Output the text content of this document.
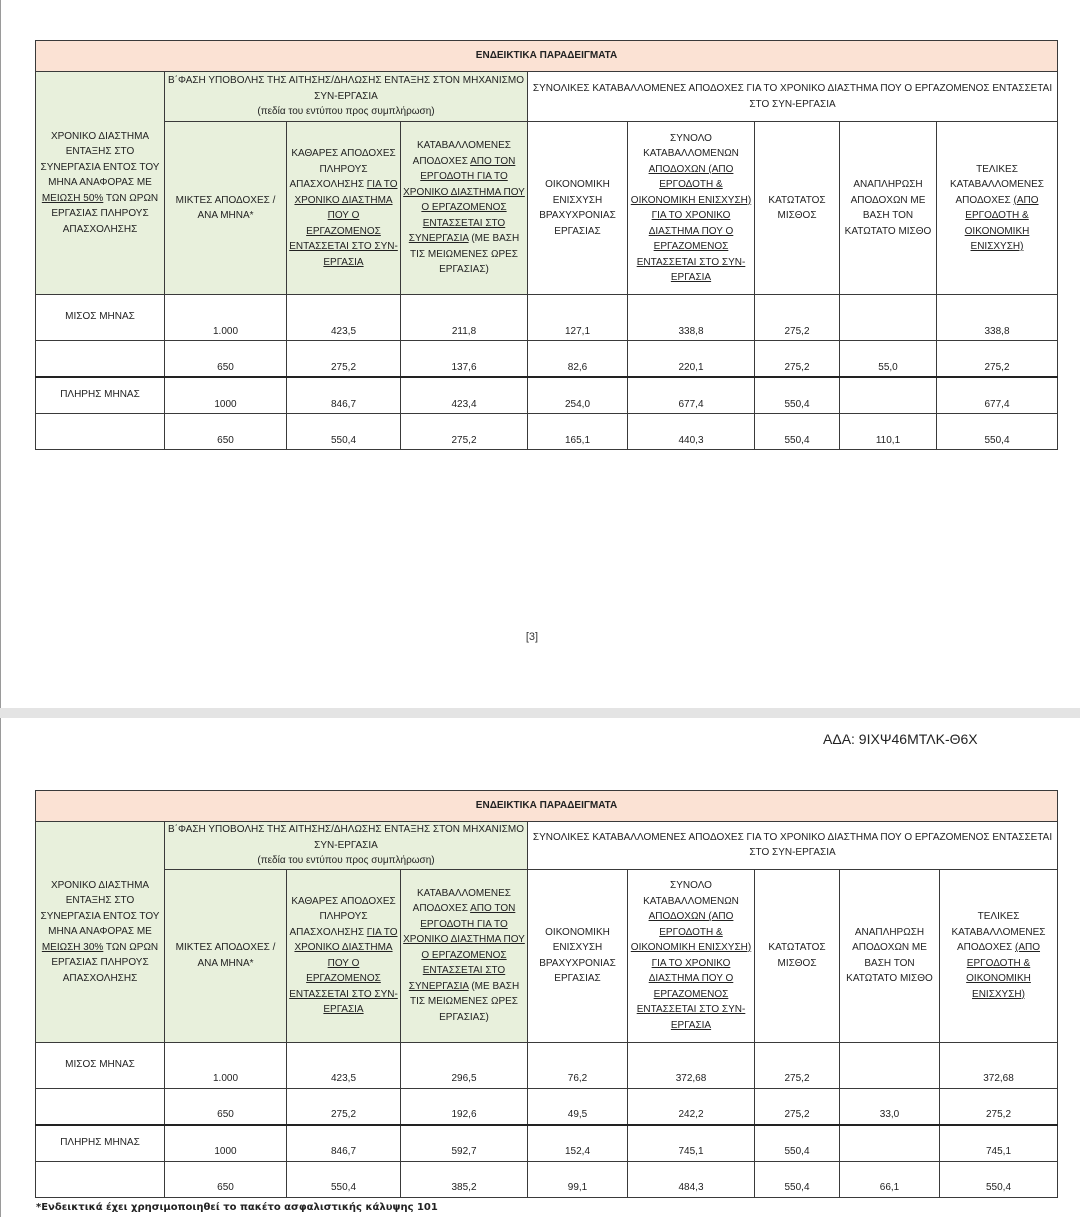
ΕΝΔΕΙΚΤΙΚΑ ΠΑΡΑΔΕΙΓΜΑΤΑ								
ΧΡΟΝΙΚΟ ΔΙΑΣΤΗΜΑ ΕΝΤΑΞΗΣ ΣΤΟ ΣΥΝΕΡΓΑΣΙΑ ΕΝΤΟΣ ΤΟΥ ΜΗΝΑ ΑΝΑΦΟΡΑΣ ΜΕ ΜΕΙΩΣΗ 50% ΤΩΝ ΩΡΩΝ ΕΡΓΑΣΙΑΣ ΠΛΗΡΟΥΣ ΑΠΑΣΧΟΛΗΣΗΣ	Β΄ΦΑΣΗ ΥΠΟΒΟΛΗΣ ΤΗΣ ΑΙΤΗΣΗΣ/ΔΗΛΩΣΗΣ ΕΝΤΑΞΗΣ ΣΤΟΝ ΜΗΧΑΝΙΣΜΟ ΣΥΝ-ΕΡΓΑΣΙΑ
(πεδία του εντύπου προς συμπλήρωση)			ΣΥΝΟΛΙΚΕΣ ΚΑΤΑΒΑΛΛΟΜΕΝΕΣ ΑΠΟΔΟΧΕΣ ΓΙΑ ΤΟ ΧΡΟΝΙΚΟ ΔΙΑΣΤΗΜΑ ΠΟΥ Ο ΕΡΓΑΖΟΜΕΝΟΣ ΕΝΤΑΣΣΕΤΑΙ ΣΤΟ ΣΥΝ-ΕΡΓΑΣΙΑ				
	ΜΙΚΤΕΣ ΑΠΟΔΟΧΕΣ /ΑΝΑ ΜΗΝΑ*	ΚΑΘΑΡΕΣ ΑΠΟΔΟΧΕΣ ΠΛΗΡΟΥΣ ΑΠΑΣΧΟΛΗΣΗΣ ΓΙΑ ΤΟ ΧΡΟΝΙΚΟ ΔΙΑΣΤΗΜΑ ΠΟΥ Ο ΕΡΓΑΖΟΜΕΝΟΣ ΕΝΤΑΣΣΕΤΑΙ ΣΤΟ ΣΥΝ-ΕΡΓΑΣΙΑ	ΚΑΤΑΒΑΛΛΟΜΕΝΕΣ ΑΠΟΔΟΧΕΣ ΑΠΟ ΤΟΝ ΕΡΓΟΔΟΤΗ ΓΙΑ ΤΟ ΧΡΟΝΙΚΟ ΔΙΑΣΤΗΜΑ ΠΟΥ Ο ΕΡΓΑΖΟΜΕΝΟΣ ΕΝΤΑΣΣΕΤΑΙ ΣΤΟ ΣΥΝΕΡΓΑΣΙΑ (ΜΕ ΒΑΣΗ ΤΙΣ ΜΕΙΩΜΕΝΕΣ ΩΡΕΣ ΕΡΓΑΣΙΑΣ)	ΟΙΚΟΝΟΜΙΚΗ ΕΝΙΣΧΥΣΗ ΒΡΑΧΥΧΡΟΝΙΑΣ ΕΡΓΑΣΙΑΣ	ΣΥΝΟΛΟ ΚΑΤΑΒΑΛΛΟΜΕΝΩΝ ΑΠΟΔΟΧΩΝ (ΑΠΟ ΕΡΓΟΔΟΤΗ & ΟΙΚΟΝΟΜΙΚΗ ΕΝΙΣΧΥΣΗ) ΓΙΑ ΤΟ ΧΡΟΝΙΚΟ ΔΙΑΣΤΗΜΑ ΠΟΥ Ο ΕΡΓΑΖΟΜΕΝΟΣ ΕΝΤΑΣΣΕΤΑΙ ΣΤΟ ΣΥΝ-ΕΡΓΑΣΙΑ	ΚΑΤΩΤΑΤΟΣ ΜΙΣΘΟΣ	ΑΝΑΠΛΗΡΩΣΗ ΑΠΟΔΟΧΩΝ ΜΕ ΒΑΣΗ ΤΟΝ ΚΑΤΩΤΑΤΟ ΜΙΣΘΟ	ΤΕΛΙΚΕΣ ΚΑΤΑΒΑΛΛΟΜΕΝΕΣ ΑΠΟΔΟΧΕΣ (ΑΠΟ ΕΡΓΟΔΟΤΗ & ΟΙΚΟΝΟΜΙΚΗ ΕΝΙΣΧΥΣΗ)
ΜΙΣΟΣ ΜΗΝΑΣ	1.000	423,5	211,8	127,1	338,8	275,2		338,8
	650	275,2	137,6	82,6	220,1	275,2	55,0	275,2
ΠΛΗΡΗΣ ΜΗΝΑΣ	1000	846,7	423,4	254,0	677,4	550,4		677,4
	650	550,4	275,2	165,1	440,3	550,4	110,1	550,4
[3]
ΑΔΑ: 9ΙΧΨ46ΜΤΛΚ-Θ6Χ
ΕΝΔΕΙΚΤΙΚΑ ΠΑΡΑΔΕΙΓΜΑΤΑ								
ΧΡΟΝΙΚΟ ΔΙΑΣΤΗΜΑ ΕΝΤΑΞΗΣ ΣΤΟ ΣΥΝΕΡΓΑΣΙΑ ΕΝΤΟΣ ΤΟΥ ΜΗΝΑ ΑΝΑΦΟΡΑΣ ΜΕ ΜΕΙΩΣΗ 30% ΤΩΝ ΩΡΩΝ ΕΡΓΑΣΙΑΣ ΠΛΗΡΟΥΣ ΑΠΑΣΧΟΛΗΣΗΣ	Β΄ΦΑΣΗ ΥΠΟΒΟΛΗΣ ΤΗΣ ΑΙΤΗΣΗΣ/ΔΗΛΩΣΗΣ ΕΝΤΑΞΗΣ ΣΤΟΝ ΜΗΧΑΝΙΣΜΟ ΣΥΝ-ΕΡΓΑΣΙΑ
(πεδία του εντύπου προς συμπλήρωση)			ΣΥΝΟΛΙΚΕΣ ΚΑΤΑΒΑΛΛΟΜΕΝΕΣ ΑΠΟΔΟΧΕΣ ΓΙΑ ΤΟ ΧΡΟΝΙΚΟ ΔΙΑΣΤΗΜΑ ΠΟΥ Ο ΕΡΓΑΖΟΜΕΝΟΣ ΕΝΤΑΣΣΕΤΑΙ ΣΤΟ ΣΥΝ-ΕΡΓΑΣΙΑ				
	ΜΙΚΤΕΣ ΑΠΟΔΟΧΕΣ /ΑΝΑ ΜΗΝΑ*	ΚΑΘΑΡΕΣ ΑΠΟΔΟΧΕΣ ΠΛΗΡΟΥΣ ΑΠΑΣΧΟΛΗΣΗΣ ΓΙΑ ΤΟ ΧΡΟΝΙΚΟ ΔΙΑΣΤΗΜΑ ΠΟΥ Ο ΕΡΓΑΖΟΜΕΝΟΣ ΕΝΤΑΣΣΕΤΑΙ ΣΤΟ ΣΥΝ-ΕΡΓΑΣΙΑ	ΚΑΤΑΒΑΛΛΟΜΕΝΕΣ ΑΠΟΔΟΧΕΣ ΑΠΟ ΤΟΝ ΕΡΓΟΔΟΤΗ ΓΙΑ ΤΟ ΧΡΟΝΙΚΟ ΔΙΑΣΤΗΜΑ ΠΟΥ Ο ΕΡΓΑΖΟΜΕΝΟΣ ΕΝΤΑΣΣΕΤΑΙ ΣΤΟ ΣΥΝΕΡΓΑΣΙΑ (ΜΕ ΒΑΣΗ ΤΙΣ ΜΕΙΩΜΕΝΕΣ ΩΡΕΣ ΕΡΓΑΣΙΑΣ)	ΟΙΚΟΝΟΜΙΚΗ ΕΝΙΣΧΥΣΗ ΒΡΑΧΥΧΡΟΝΙΑΣ ΕΡΓΑΣΙΑΣ	ΣΥΝΟΛΟ ΚΑΤΑΒΑΛΛΟΜΕΝΩΝ ΑΠΟΔΟΧΩΝ (ΑΠΟ ΕΡΓΟΔΟΤΗ & ΟΙΚΟΝΟΜΙΚΗ ΕΝΙΣΧΥΣΗ) ΓΙΑ ΤΟ ΧΡΟΝΙΚΟ ΔΙΑΣΤΗΜΑ ΠΟΥ Ο ΕΡΓΑΖΟΜΕΝΟΣ ΕΝΤΑΣΣΕΤΑΙ ΣΤΟ ΣΥΝ-ΕΡΓΑΣΙΑ	ΚΑΤΩΤΑΤΟΣ ΜΙΣΘΟΣ	ΑΝΑΠΛΗΡΩΣΗ ΑΠΟΔΟΧΩΝ ΜΕ ΒΑΣΗ ΤΟΝ ΚΑΤΩΤΑΤΟ ΜΙΣΘΟ	ΤΕΛΙΚΕΣ ΚΑΤΑΒΑΛΛΟΜΕΝΕΣ ΑΠΟΔΟΧΕΣ (ΑΠΟ ΕΡΓΟΔΟΤΗ & ΟΙΚΟΝΟΜΙΚΗ ΕΝΙΣΧΥΣΗ)
ΜΙΣΟΣ ΜΗΝΑΣ	1.000	423,5	296,5	76,2	372,68	275,2		372,68
	650	275,2	192,6	49,5	242,2	275,2	33,0	275,2
ΠΛΗΡΗΣ ΜΗΝΑΣ	1000	846,7	592,7	152,4	745,1	550,4		745,1
	650	550,4	385,2	99,1	484,3	550,4	66,1	550,4
*Ενδεικτικά έχει χρησιμοποιηθεί το πακέτο ασφαλιστικής κάλυψης 101
